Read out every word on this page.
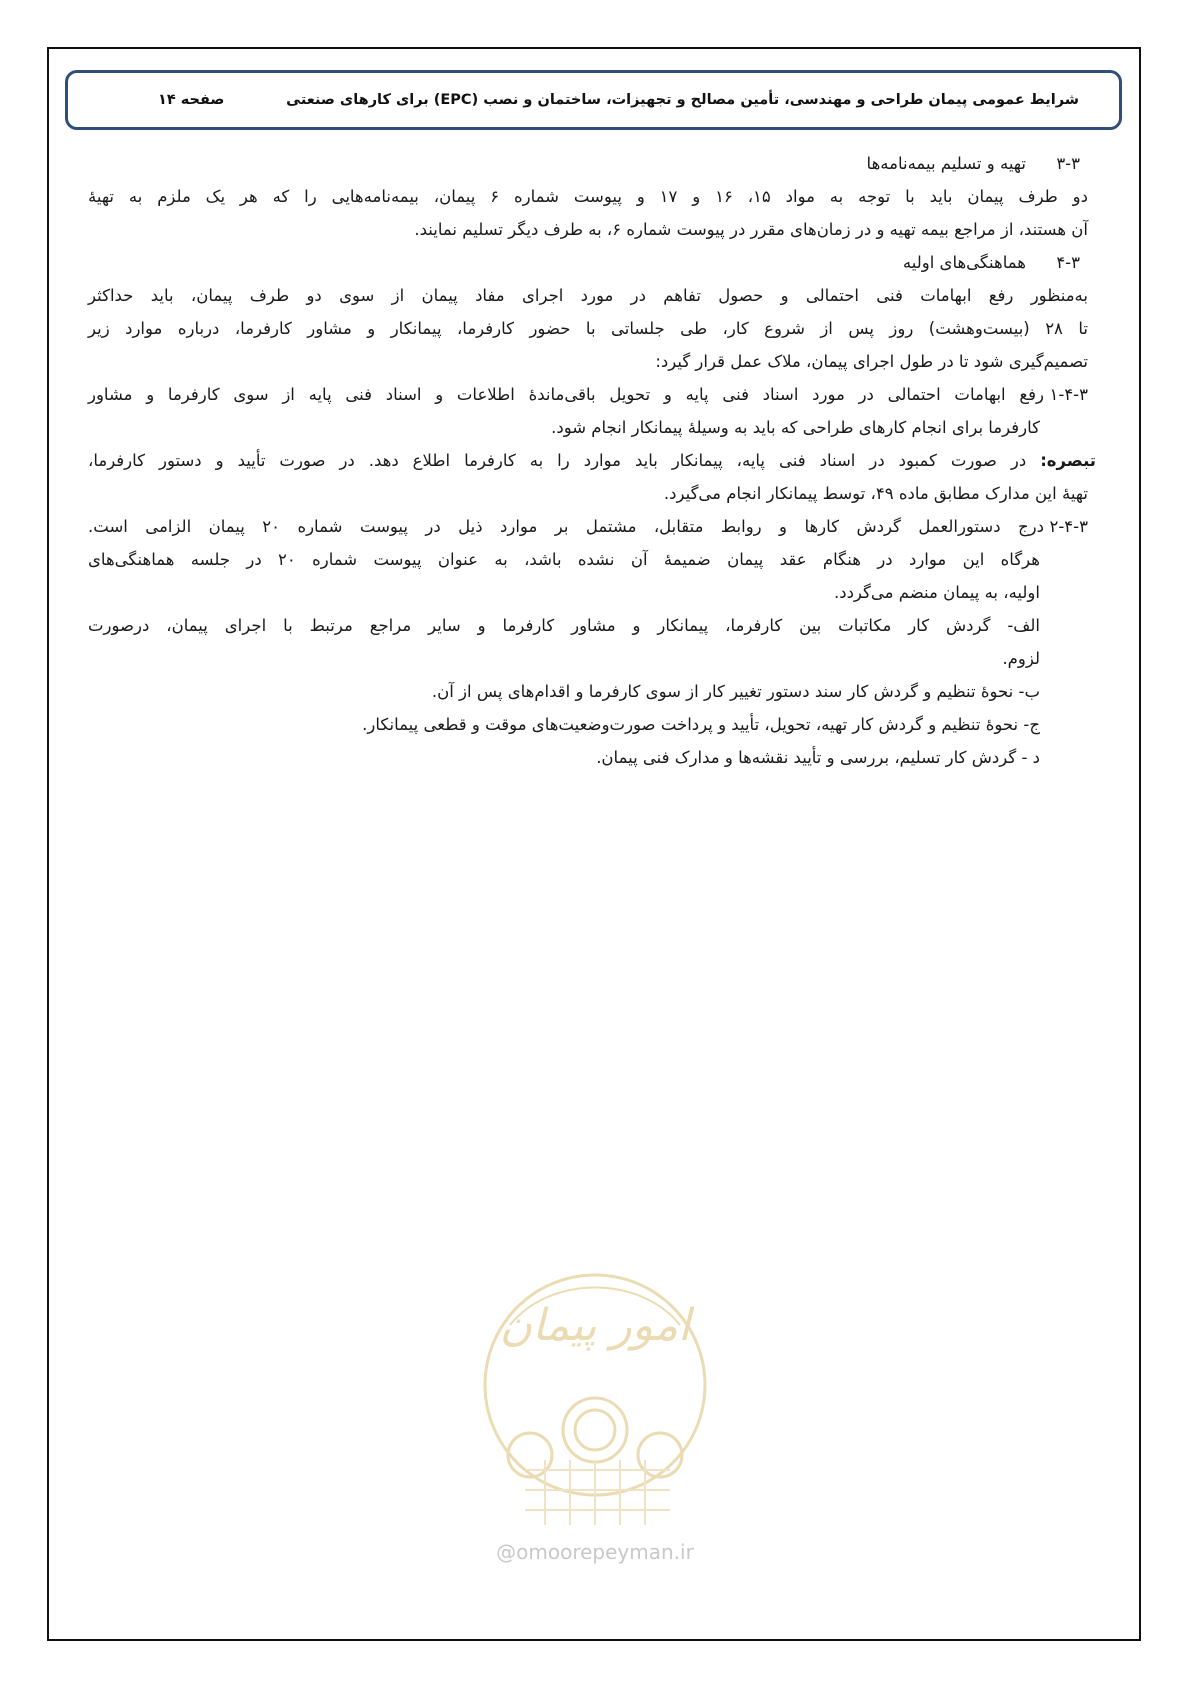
شرایط عمومی پیمان طراحی و مهندسی، تأمین مصالح و تجهیزات، ساختمان و نصب (EPC) برای کارهای صنعتی
صفحه ۱۴
۳-۳تهیه و تسلیم بیمه‌نامه‌ها
دو طرف پیمان باید با توجه به مواد ۱۵، ۱۶ و ۱۷ و پیوست شماره ۶ پیمان، بیمه‌نامه‌هایی را که هر یک ملزم به تهیهٔ
آن هستند، از مراجع بیمه تهیه و در زمان‌های مقرر در پیوست شماره ۶، به طرف دیگر تسلیم نمایند.
۴-۳هماهنگی‌های اولیه
به‌منظور رفع ابهامات فنی احتمالی و حصول تفاهم در مورد اجرای مفاد پیمان از سوی دو طرف پیمان، باید حداکثر
تا ۲۸ (بیست‌وهشت) روز پس از شروع کار، طی جلساتی با حضور کارفرما، پیمانکار و مشاور کارفرما، درباره موارد زیر
تصمیم‌گیری شود تا در طول اجرای پیمان، ملاک عمل قرار گیرد:
۱-۴-۳رفع ابهامات احتمالی در مورد اسناد فنی پایه و تحویل باقی‌ماندهٔ اطلاعات و اسناد فنی پایه از سوی کارفرما و مشاور
کارفرما برای انجام کارهای طراحی که باید به وسیلهٔ پیمانکار انجام شود.
تبصره: در صورت کمبود در اسناد فنی پایه، پیمانکار باید موارد را به کارفرما اطلاع دهد. در صورت تأیید و دستور کارفرما،
تهیهٔ این مدارک مطابق ماده ۴۹، توسط پیمانکار انجام می‌گیرد.
۲-۴-۳درج دستورالعمل گردش کارها و روابط متقابل، مشتمل بر موارد ذیل در پیوست شماره ۲۰ پیمان الزامی است.
هرگاه این موارد در هنگام عقد پیمان ضمیمهٔ آن نشده باشد، به عنوان پیوست شماره ۲۰ در جلسه هماهنگی‌های
اولیه، به پیمان منضم می‌گردد.
الف- گردش کار مکاتبات بین کارفرما، پیمانکار و مشاور کارفرما و سایر مراجع مرتبط با اجرای پیمان، درصورت
لزوم.
ب- نحوهٔ تنظیم و گردش کار سند دستور تغییر کار از سوی کارفرما و اقدام‌های پس از آن.
ج- نحوهٔ تنظیم و گردش کار تهیه، تحویل، تأیید و پرداخت صورت‌وضعیت‌های موقت و قطعی پیمانکار.
د - گردش کار تسلیم، بررسی و تأیید نقشه‌ها و مدارک فنی پیمان.
امور پیمان
@omoorepeyman.ir
